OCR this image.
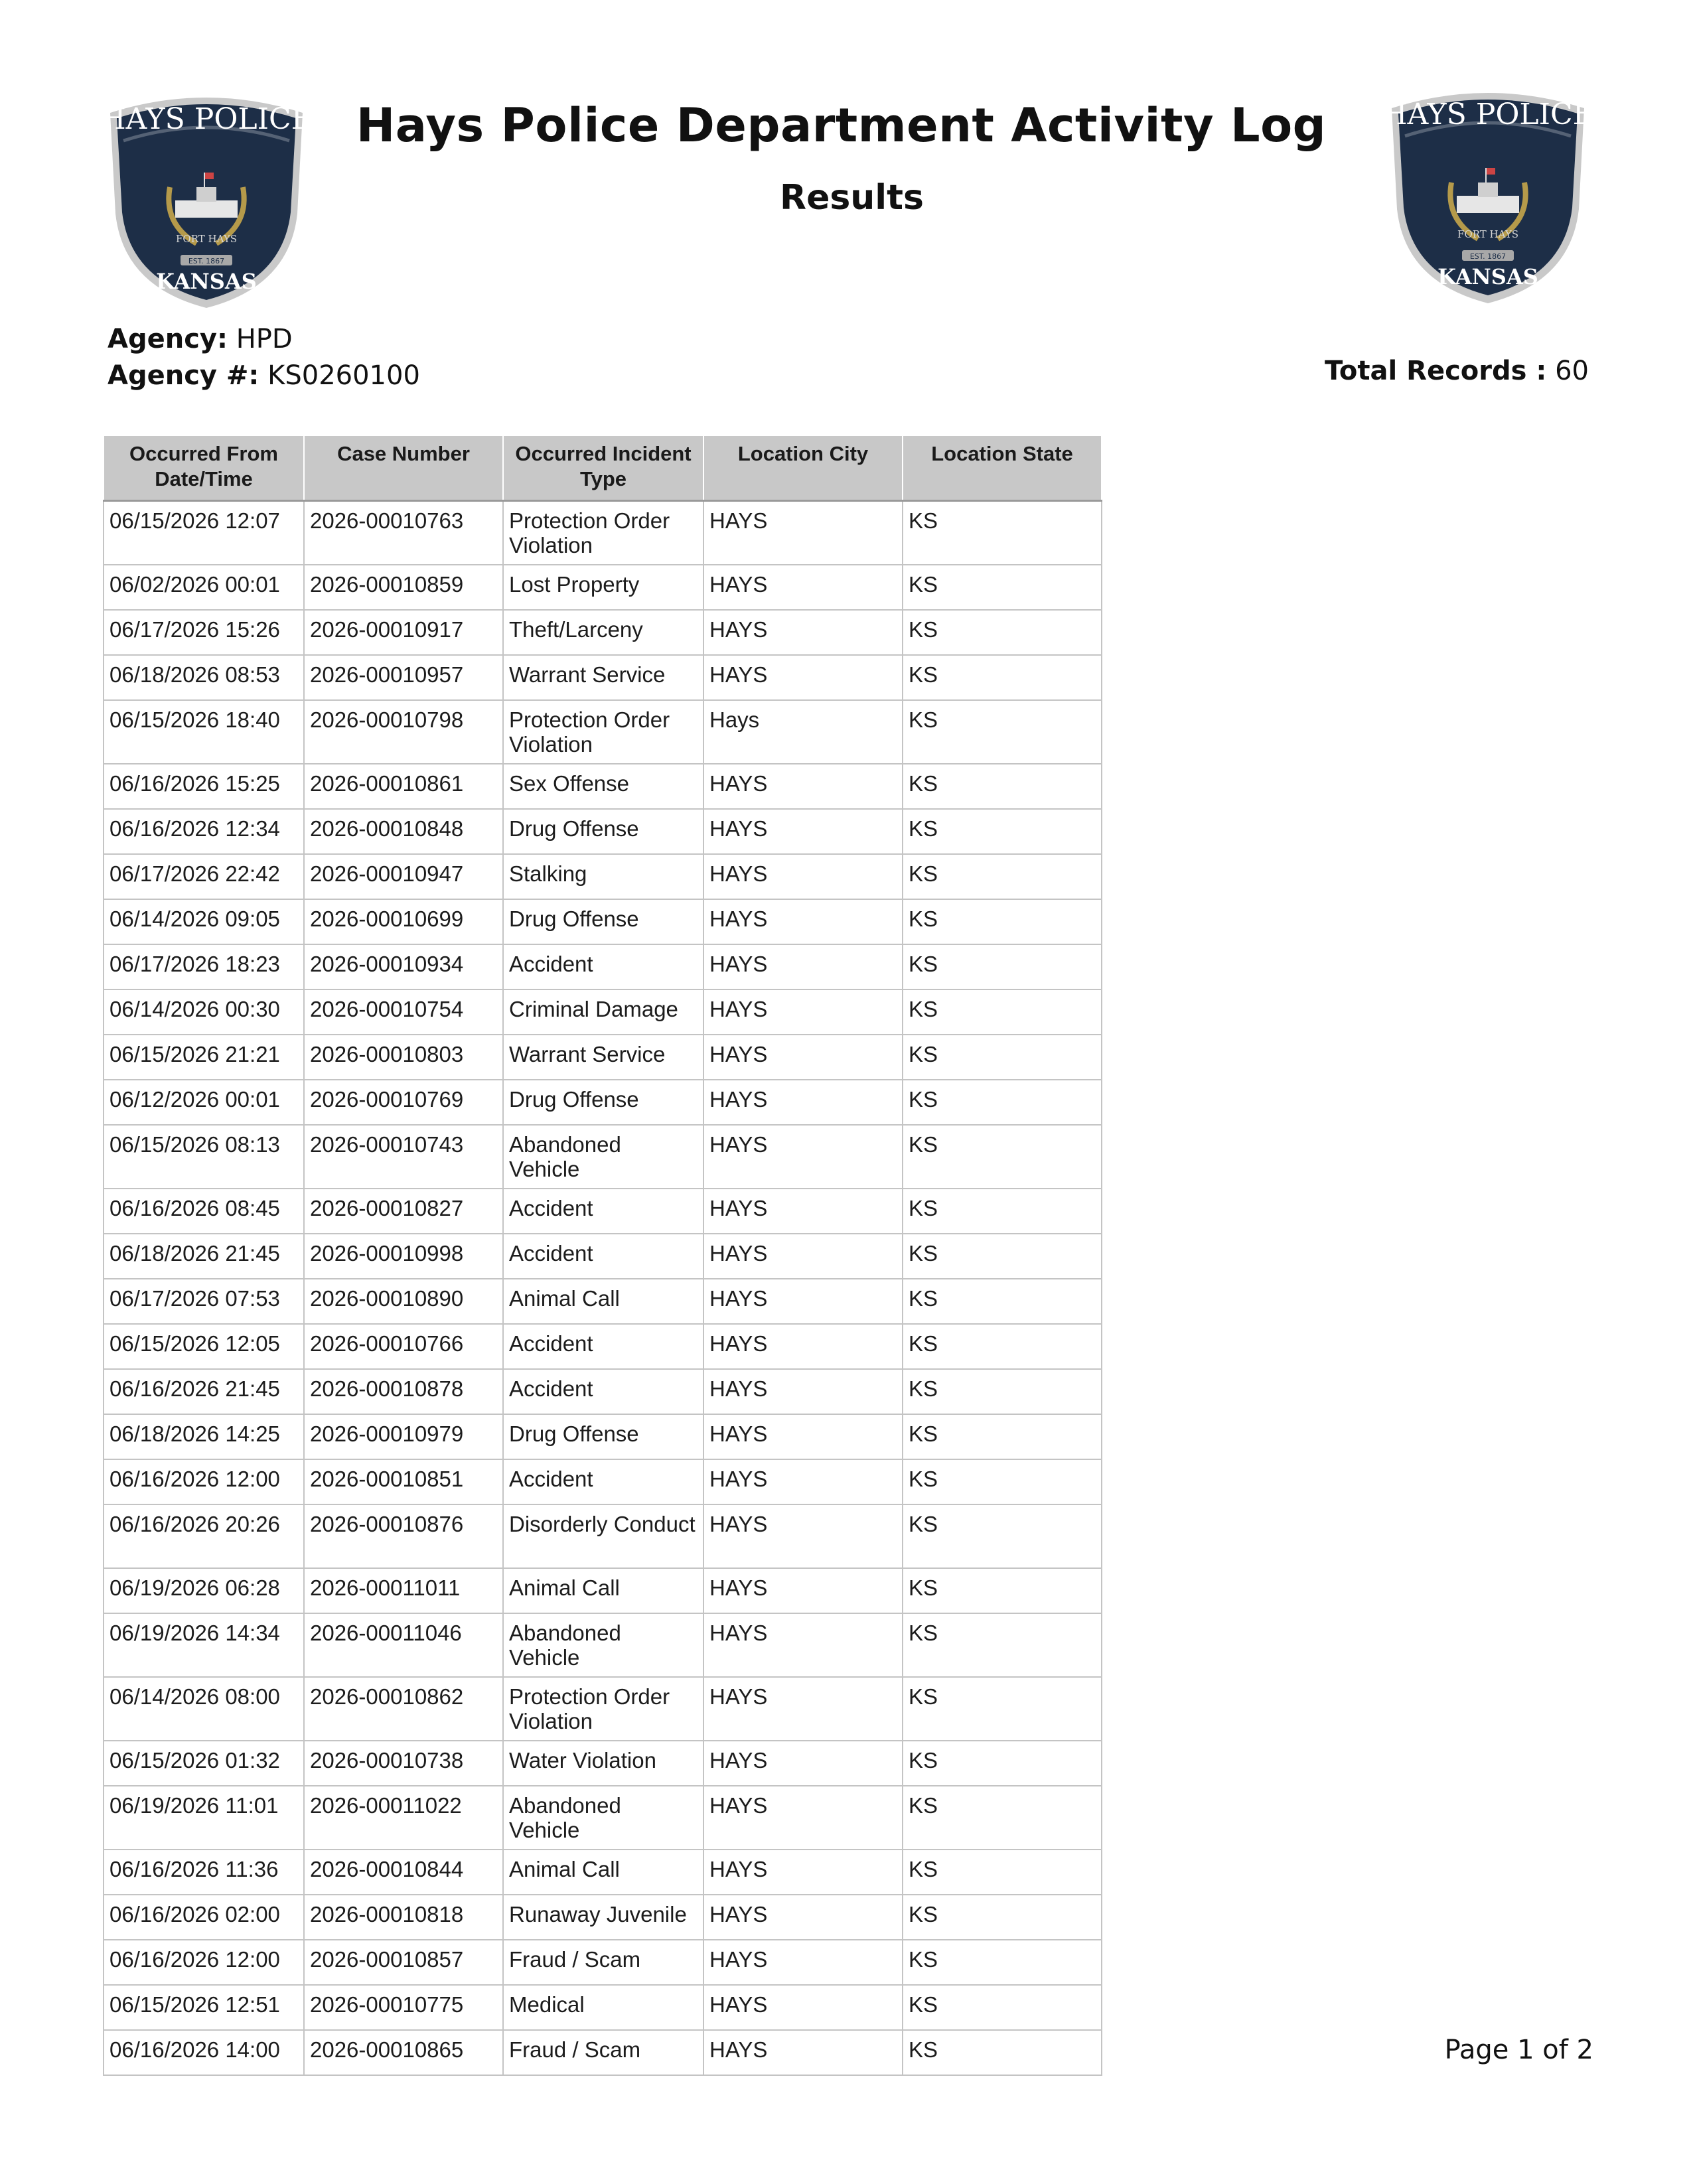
HAYS POLICE
FORT HAYS
EST. 1867
KANSAS
HAYS POLICE
FORT HAYS
EST. 1867
KANSAS
Hays Police Department Activity Log
Results
Agency: HPD
Agency #: KS0260100	Total Records : 60
Occurred From Date/Time	Case Number	Occurred Incident Type	Location City	Location State
06/15/2026 12:07	2026-00010763	Protection Order Violation	HAYS	KS
06/02/2026 00:01	2026-00010859	Lost Property	HAYS	KS
06/17/2026 15:26	2026-00010917	Theft/Larceny	HAYS	KS
06/18/2026 08:53	2026-00010957	Warrant Service	HAYS	KS
06/15/2026 18:40	2026-00010798	Protection Order Violation	Hays	KS
06/16/2026 15:25	2026-00010861	Sex Offense	HAYS	KS
06/16/2026 12:34	2026-00010848	Drug Offense	HAYS	KS
06/17/2026 22:42	2026-00010947	Stalking	HAYS	KS
06/14/2026 09:05	2026-00010699	Drug Offense	HAYS	KS
06/17/2026 18:23	2026-00010934	Accident	HAYS	KS
06/14/2026 00:30	2026-00010754	Criminal Damage	HAYS	KS
06/15/2026 21:21	2026-00010803	Warrant Service	HAYS	KS
06/12/2026 00:01	2026-00010769	Drug Offense	HAYS	KS
06/15/2026 08:13	2026-00010743	Abandoned Vehicle	HAYS	KS
06/16/2026 08:45	2026-00010827	Accident	HAYS	KS
06/18/2026 21:45	2026-00010998	Accident	HAYS	KS
06/17/2026 07:53	2026-00010890	Animal Call	HAYS	KS
06/15/2026 12:05	2026-00010766	Accident	HAYS	KS
06/16/2026 21:45	2026-00010878	Accident	HAYS	KS
06/18/2026 14:25	2026-00010979	Drug Offense	HAYS	KS
06/16/2026 12:00	2026-00010851	Accident	HAYS	KS
06/16/2026 20:26	2026-00010876	Disorderly Conduct	HAYS	KS
06/19/2026 06:28	2026-00011011	Animal Call	HAYS	KS
06/19/2026 14:34	2026-00011046	Abandoned Vehicle	HAYS	KS
06/14/2026 08:00	2026-00010862	Protection Order Violation	HAYS	KS
06/15/2026 01:32	2026-00010738	Water Violation	HAYS	KS
06/19/2026 11:01	2026-00011022	Abandoned Vehicle	HAYS	KS
06/16/2026 11:36	2026-00010844	Animal Call	HAYS	KS
06/16/2026 02:00	2026-00010818	Runaway Juvenile	HAYS	KS
06/16/2026 12:00	2026-00010857	Fraud / Scam	HAYS	KS
06/15/2026 12:51	2026-00010775	Medical	HAYS	KS
06/16/2026 14:00	2026-00010865	Fraud / Scam	HAYS	KS	Page 1 of 2
